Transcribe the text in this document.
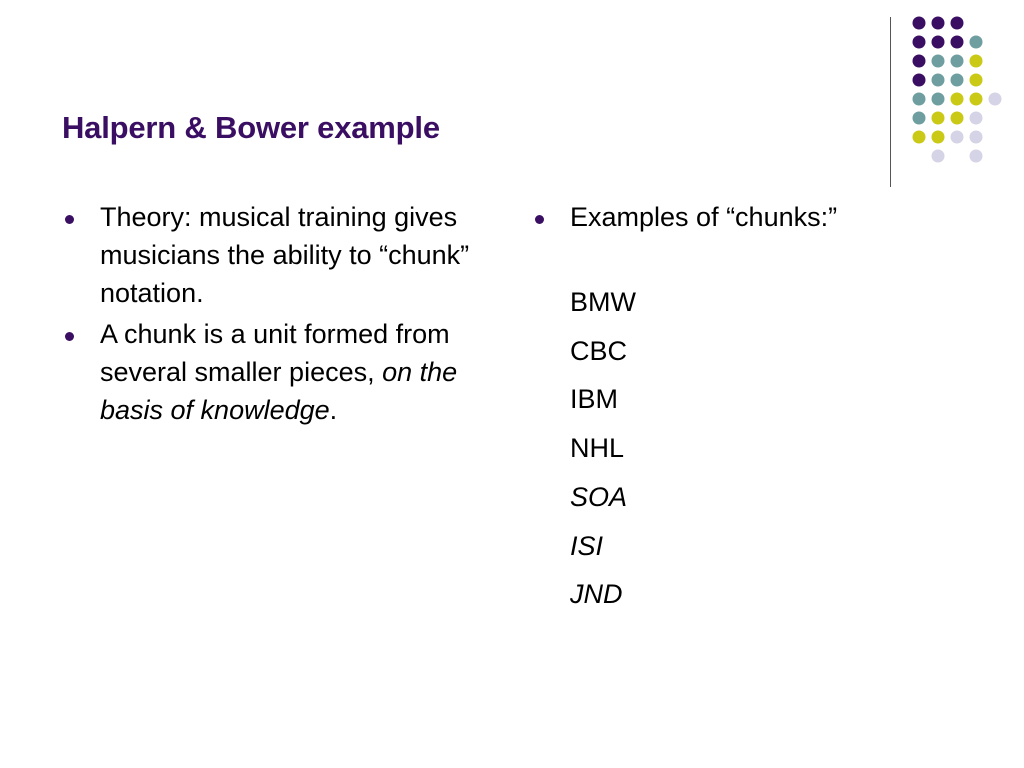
Halpern & Bower example
Theory: musical training gives musicians the ability to “chunk” notation.
A chunk is a unit formed from several smaller pieces, on the basis of knowledge.
Examples of “chunks:”
BMW
CBC
IBM
NHL
SOA
ISI
JND
